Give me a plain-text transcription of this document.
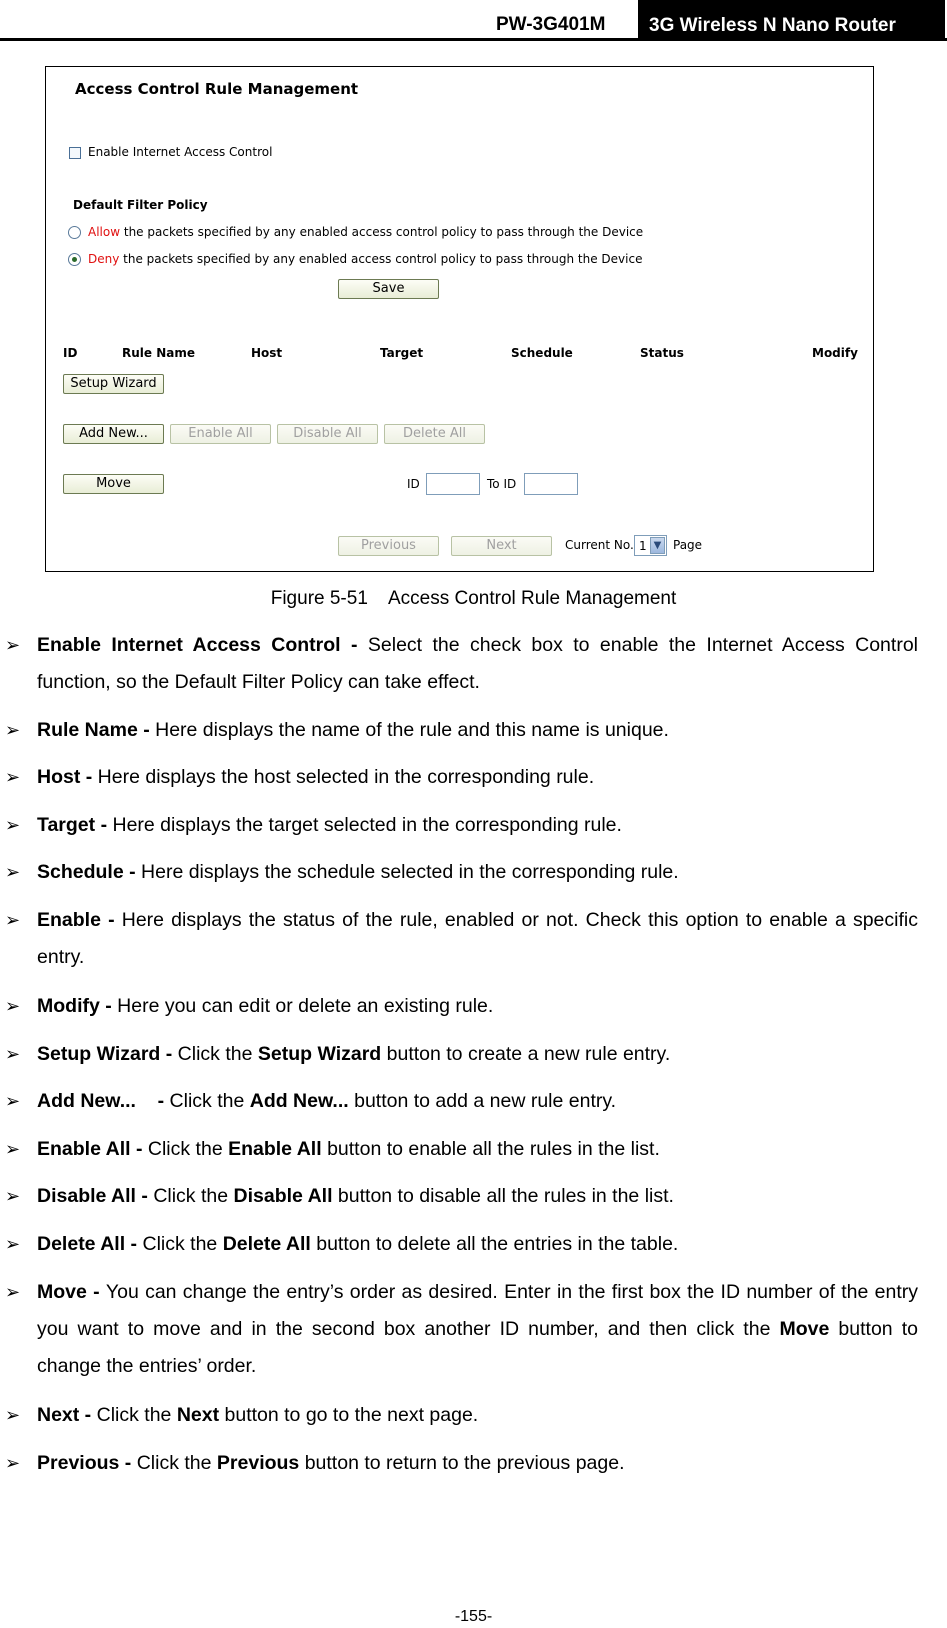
PW-3G401M	3G Wireless N Nano Router
Access Control Rule Management
Enable Internet Access Control
Default Filter Policy
Allow the packets specified by any enabled access control policy to pass through the Device
Deny the packets specified by any enabled access control policy to pass through the Device
Save
ID	Rule Name	Host	Target	Schedule	Status	Modify
Setup Wizard
Add New...	Enable All	Disable All	Delete All
Move	ID	To ID
Previous	Next	Current No. 1 ▼ Page
Figure 5-51    Access Control Rule Management
➢ Enable Internet Access Control - Select the check box to enable the Internet Access Control function, so the Default Filter Policy can take effect.
➢ Rule Name - Here displays the name of the rule and this name is unique.
➢ Host - Here displays the host selected in the corresponding rule.
➢ Target - Here displays the target selected in the corresponding rule.
➢ Schedule - Here displays the schedule selected in the corresponding rule.
➢ Enable - Here displays the status of the rule, enabled or not. Check this option to enable a specific entry.
➢ Modify - Here you can edit or delete an existing rule.
➢ Setup Wizard - Click the Setup Wizard button to create a new rule entry.
➢ Add New...    - Click the Add New... button to add a new rule entry.
➢ Enable All - Click the Enable All button to enable all the rules in the list.
➢ Disable All - Click the Disable All button to disable all the rules in the list.
➢ Delete All - Click the Delete All button to delete all the entries in the table.
➢ Move - You can change the entry’s order as desired. Enter in the first box the ID number of the entry you want to move and in the second box another ID number, and then click the Move button to change the entries’ order.
➢ Next - Click the Next button to go to the next page.
➢ Previous - Click the Previous button to return to the previous page.
-155-
